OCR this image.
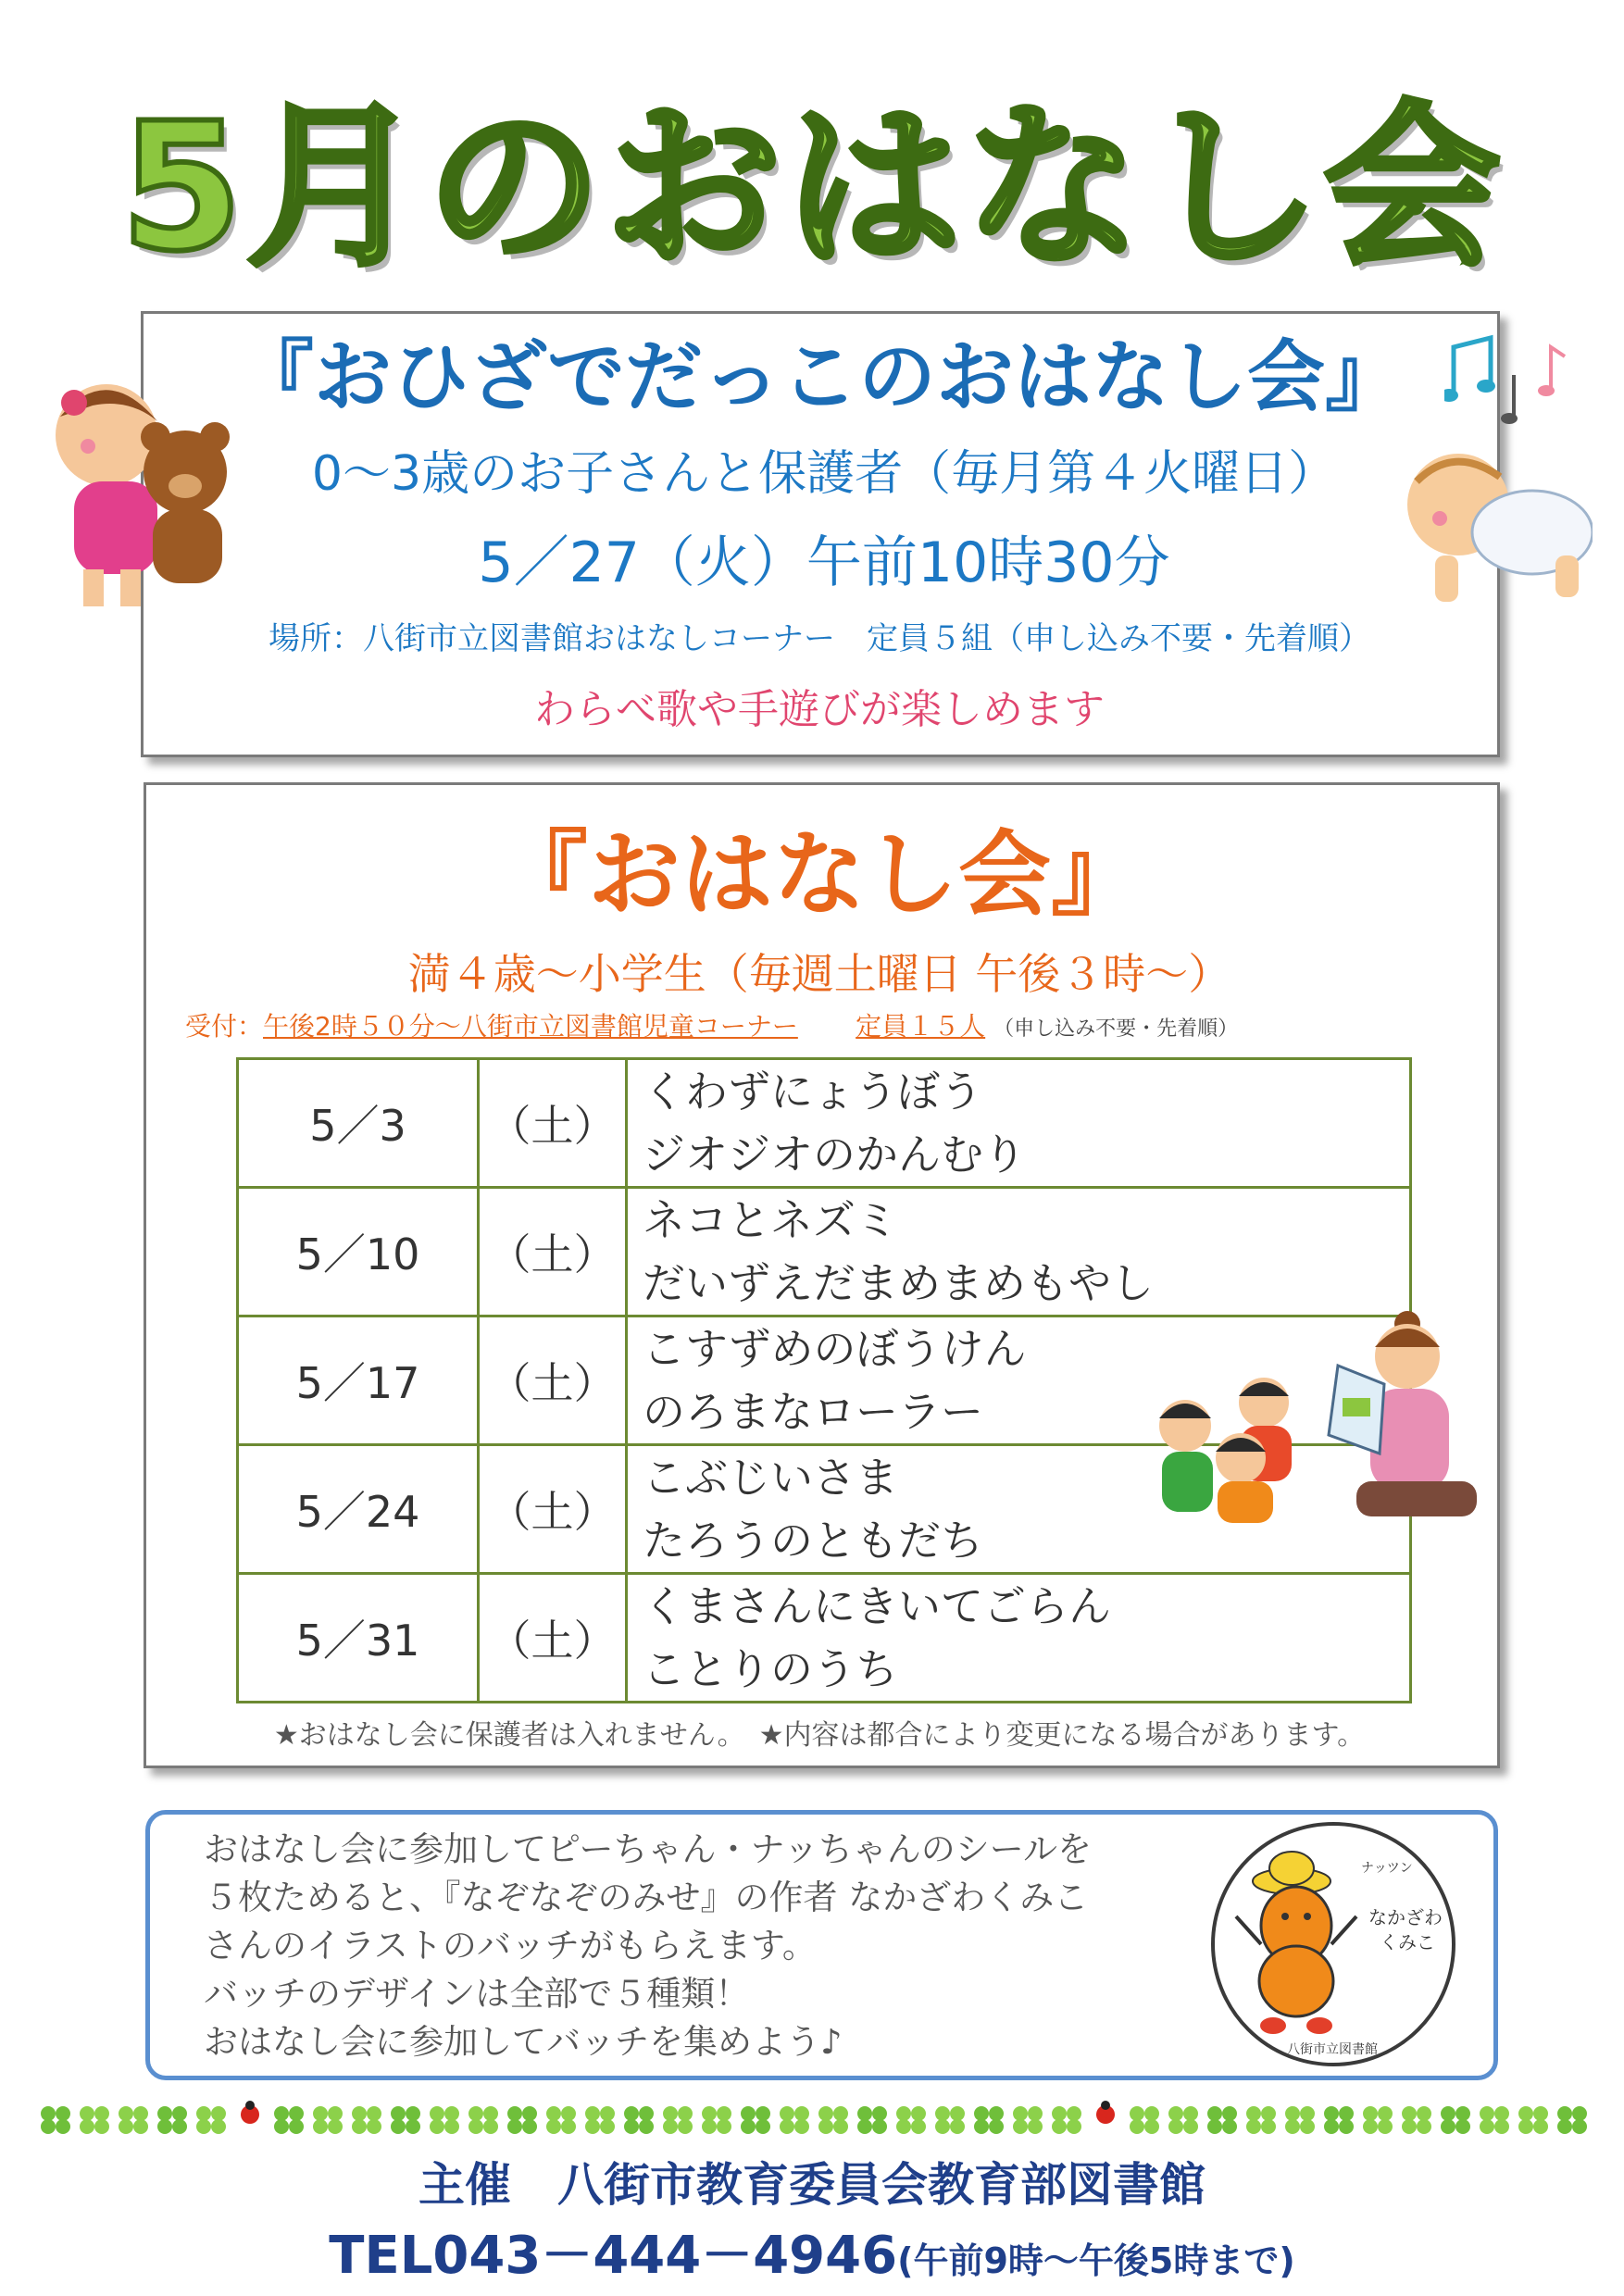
5月のおはなし会
『おひざでだっこのおはなし会』
0～3歳のお子さんと保護者（毎月第４火曜日）
5／27（火）午前10時30分
場所：八街市立図書館おはなしコーナー　定員５組（申し込み不要・先着順）
わらべ歌や手遊びが楽しめます
『おはなし会』
満４歳～小学生（毎週土曜日 午後３時～）
受付：午後2時５０分～八街市立図書館児童コーナー 定員１５人 （申し込み不要・先着順）
5／3	（土）	くわずにょうぼう
ジオジオのかんむり

5／10	（土）	ネコとネズミ
だいずえだまめまめもやし

5／17	（土）	こすずめのぼうけん
のろまなローラー

5／24	（土）	こぶじいさま
たろうのともだち

5／31	（土）	くまさんにきいてごらん
ことりのうち
★おはなし会に保護者は入れません。　★内容は都合により変更になる場合があります。
おはなし会に参加してピーちゃん・ナッちゃんのシールを
５枚ためると、『なぞなぞのみせ』の作者 なかざわくみこ
さんのイラストのバッチがもらえます。
バッチのデザインは全部で５種類！
おはなし会に参加してバッチを集めよう♪
ナッツン
なかざわ
くみこ
八街市立図書館
主催　八街市教育委員会教育部図書館
TEL043－444－4946(午前9時～午後5時まで)
